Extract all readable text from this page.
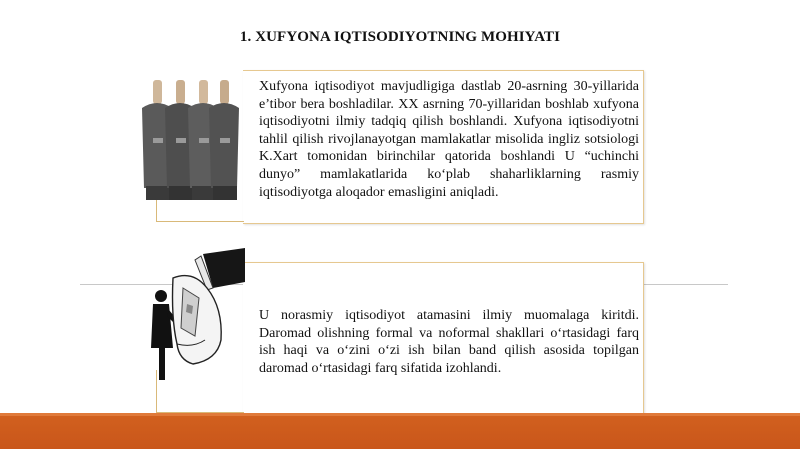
1. XUFYONA IQTISODIYOTNING MOHIYATI
Xufyona iqtisodiyot mavjudligiga dastlab 20-asrning 30-yillarida e’tibor bera boshladilar. XX asrning 70-yillaridan boshlab xufyona iqtisodiyotni ilmiy tadqiq qilish boshlandi. Xufyona iqtisodiyotni tahlil qilish rivojlanayotgan mamlakatlar misolida ingliz sotsiologi K.Xart tomonidan birinchilar qatorida boshlandi U “uchinchi dunyo” mamlakatlarida ko‘plab shaharliklarning rasmiy iqtisodiyotga aloqador emasligini aniqladi.
U norasmiy iqtisodiyot atamasini ilmiy muomalaga kiritdi. Daromad olishning formal va noformal shakllari o‘rtasidagi farq ish haqi va o‘zini o‘zi ish bilan band qilish asosida topilgan daromad o‘rtasidagi farq sifatida izohlandi.
